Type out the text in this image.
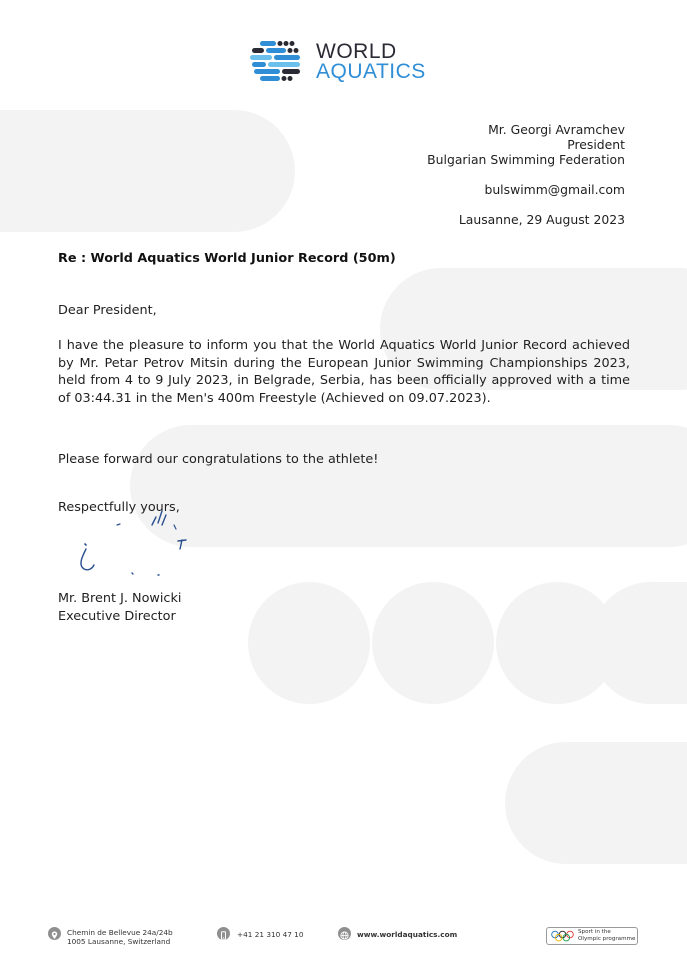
WORLD
AQUATICS
Mr. Georgi Avramchev
President
Bulgarian Swimming Federation
bulswimm@gmail.com
Lausanne, 29 August 2023
Re : World Aquatics World Junior Record (50m)
Dear President,
I have the pleasure to inform you that the World Aquatics World Junior Record achieved by Mr. Petar Petrov Mitsin during the European Junior Swimming Championships 2023, held from 4 to 9 July 2023, in Belgrade, Serbia, has been officially approved with a time of 03:44.31 in the Men's 400m Freestyle (Achieved on 09.07.2023).
Please forward our congratulations to the athlete!
Respectfully yours,
Mr. Brent J. Nowicki
Executive Director
Chemin de Bellevue 24a/24b
1005 Lausanne, Switzerland
+41 21 310 47 10	www.worldaquatics.com	Sport in the
Olympic programme
